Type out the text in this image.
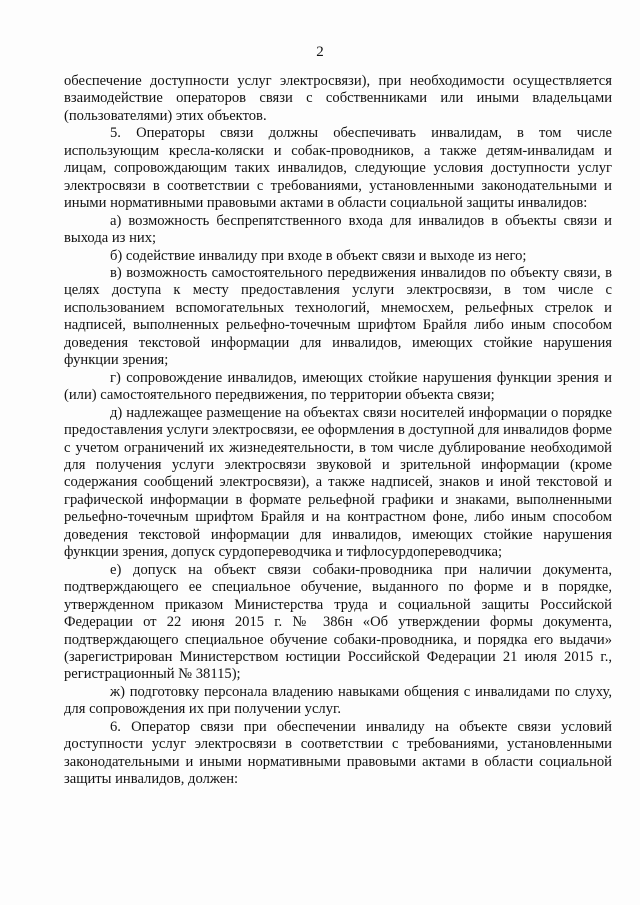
2

обеспечение доступности услуг электросвязи), при необходимости осуществляется взаимодействие операторов связи с собственниками или иными владельцами (пользователями) этих объектов.

5. Операторы связи должны обеспечивать инвалидам, в том числе использующим кресла-коляски и собак-проводников, а также детям-инвалидам и лицам, сопровождающим таких инвалидов, следующие условия доступности услуг электросвязи в соответствии с требованиями, установленными законодательными и иными нормативными правовыми актами в области социальной защиты инвалидов:

а) возможность беспрепятственного входа для инвалидов в объекты связи и выхода из них;

б) содействие инвалиду при входе в объект связи и выходе из него;

в) возможность самостоятельного передвижения инвалидов по объекту связи, в целях доступа к месту предоставления услуги электросвязи, в том числе с использованием вспомогательных технологий, мнемосхем, рельефных стрелок и надписей, выполненных рельефно-точечным шрифтом Брайля либо иным способом доведения текстовой информации для инвалидов, имеющих стойкие нарушения функции зрения;

г) сопровождение инвалидов, имеющих стойкие нарушения функции зрения и (или) самостоятельного передвижения, по территории объекта связи;

д) надлежащее размещение на объектах связи носителей информации о порядке предоставления услуги электросвязи, ее оформления в доступной для инвалидов форме с учетом ограничений их жизнедеятельности, в том числе дублирование необходимой для получения услуги электросвязи звуковой и зрительной информации (кроме содержания сообщений электросвязи), а также надписей, знаков и иной текстовой и графической информации в формате рельефной графики и знаками, выполненными рельефно-точечным шрифтом Брайля и на контрастном фоне, либо иным способом доведения текстовой информации для инвалидов, имеющих стойкие нарушения функции зрения, допуск сурдопереводчика и тифлосурдопереводчика;

е) допуск на объект связи собаки-проводника при наличии документа, подтверждающего ее специальное обучение, выданного по форме и в порядке, утвержденном приказом Министерства труда и социальной защиты Российской Федерации от 22 июня 2015 г. № 386н «Об утверждении формы документа, подтверждающего специальное обучение собаки-проводника, и порядка его выдачи» (зарегистрирован Министерством юстиции Российской Федерации 21 июля 2015 г., регистрационный № 38115);

ж) подготовку персонала владению навыками общения с инвалидами по слуху, для сопровождения их при получении услуг.

6. Оператор связи при обеспечении инвалиду на объекте связи условий доступности услуг электросвязи в соответствии с требованиями, установленными законодательными и иными нормативными правовыми актами в области социальной защиты инвалидов, должен:
